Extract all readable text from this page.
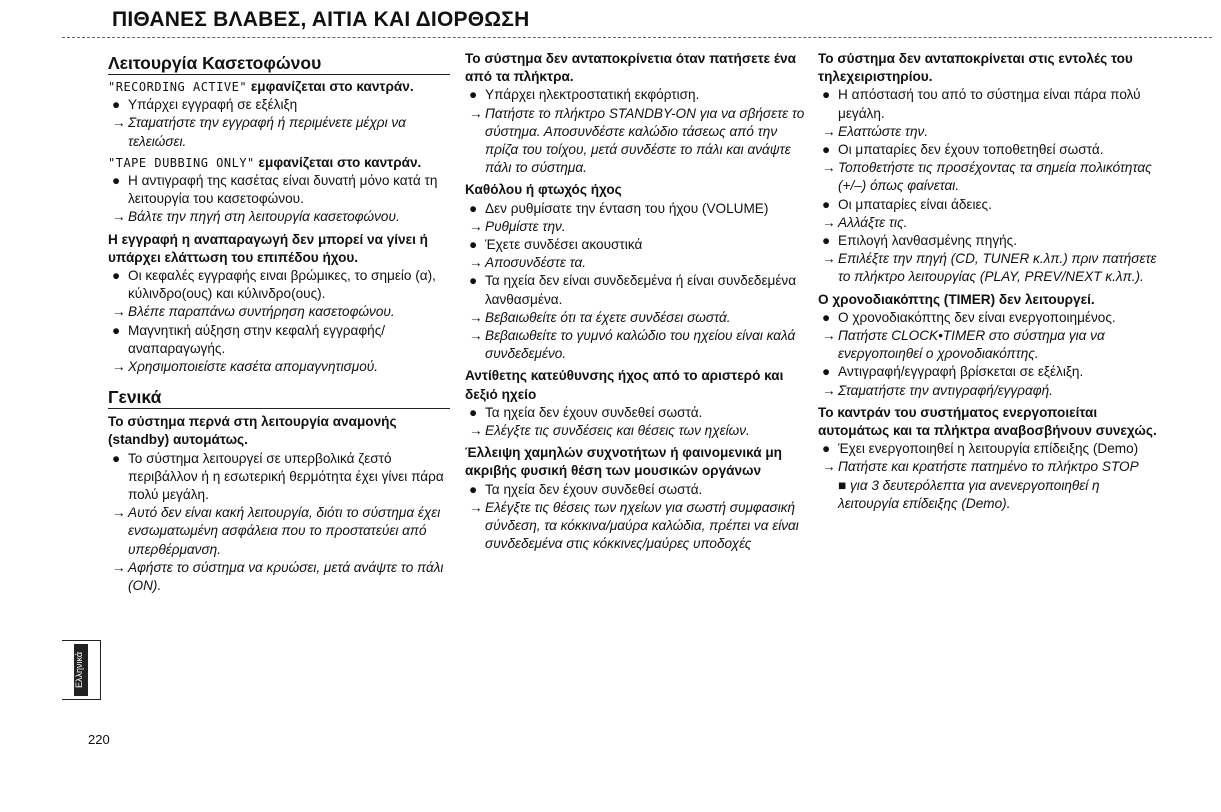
ΠΙΘΑΝΕΣ ΒΛΑΒΕΣ, ΑΙΤΙΑ ΚΑΙ ΔΙΟΡΘΩΣΗ
Λειτουργία Κασετοφώνου
"RECORDING ACTIVE" εμφανίζεται στο καντράν.
● Υπάρχει εγγραφή σε εξέλιξη
→ Σταματήστε την εγγραφή ή περιμένετε μέχρι να τελειώσει.
"TAPE DUBBING ONLY" εμφανίζεται στο καντράν.
● Η αντιγραφή της κασέτας είναι δυνατή μόνο κατά τη λειτουργία του κασετοφώνου.
→ Βάλτε την πηγή στη λειτουργία κασετοφώνου.
Η εγγραφή η αναπαραγωγή δεν μπορεί να γίνει ή υπάρχει ελάττωση του επιπέδου ήχου.
● Οι κεφαλές εγγραφής ειναι βρώμικες, το σημείο (α), κύλινδρο(ους) και κύλινδρο(ους).
→ Βλέπε παραπάνω συντήρηση κασετοφώνου.
● Μαγνητική αύξηση στην κεφαλή εγγραφής/αναπαραγωγής.
→ Χρησιμοποιείστε κασέτα απομαγνητισμού.
Γενικά
Το σύστημα περνά στη λειτουργία αναμονής (standby) αυτομάτως.
● Το σύστημα λειτουργεί σε υπερβολικά ζεστό περιβάλλον ή η εσωτερική θερμότητα έχει γίνει πάρα πολύ μεγάλη.
→ Αυτό δεν είναι κακή λειτουργία, διότι το σύστημα έχει ενσωματωμένη ασφάλεια που το προστατεύει από υπερθέρμανση.
→ Αφήστε το σύστημα να κρυώσει, μετά ανάψτε το πάλι (ON).
Το σύστημα δεν ανταποκρίνετια όταν πατήσετε ένα από τα πλήκτρα.
● Υπάρχει ηλεκτροστατική εκφόρτιση.
→ Πατήστε το πλήκτρο STANDBY-ON για να σβήσετε το σύστημα. Αποσυνδέστε καλώδιο τάσεως από την πρίζα του τοίχου, μετά συνδέστε το πάλι και ανάψτε πάλι το σύστημα.
Καθόλου ή φτωχός ήχος
● Δεν ρυθμίσατε την ένταση του ήχου (VOLUME)
→ Ρυθμίστε την.
● Έχετε συνδέσει ακουστικά
→ Αποσυνδέστε τα.
● Τα ηχεία δεν είναι συνδεδεμένα ή είναι συνδεδεμένα λανθασμένα.
→ Βεβαιωθείτε ότι τα έχετε συνδέσει σωστά.
→ Βεβαιωθείτε το γυμνό καλώδιο του ηχείου είναι καλά συνδεδεμένο.
Αντίθετης κατεύθυνσης ήχος από το αριστερό και δεξιό ηχείο
● Τα ηχεία δεν έχουν συνδεθεί σωστά.
→ Ελέγξτε τις συνδέσεις και θέσεις των ηχείων.
Έλλειψη χαμηλών συχνοτήτων ή φαινομενικά μη ακριβής φυσική θέση των μουσικών οργάνων
● Τα ηχεία δεν έχουν συνδεθεί σωστά.
→ Ελέγξτε τις θέσεις των ηχείων για σωστή συμφασική σύνδεση, τα κόκκινα/μαύρα καλώδια, πρέπει να είναι συνδεδεμένα στις κόκκινες/μαύρες υποδοχές
Το σύστημα δεν ανταποκρίνεται στις εντολές του τηλεχειριστηρίου.
● Η απόστασή του από το σύστημα είναι πάρα πολύ μεγάλη.
→ Ελαττώστε την.
● Οι μπαταρίες δεν έχουν τοποθετηθεί σωστά.
→ Τοποθετήστε τις προσέχοντας τα σημεία πολικότητας (+/–) όπως φαίνεται.
● Οι μπαταρίες είναι άδειες.
→ Αλλάξτε τις.
● Επιλογή λανθασμένης πηγής.
→ Επιλέξτε την πηγή (CD, TUNER κ.λπ.) πριν πατήσετε το πλήκτρο λειτουργίας (PLAY, PREV/NEXT κ.λπ.).
Ο χρονοδιακόπτης (TIMER) δεν λειτουργεί.
● Ο χρονοδιακόπτης δεν είναι ενεργοποιημένος.
→ Πατήστε CLOCK•TIMER στο σύστημα για να ενεργοποιηθεί ο χρονοδιακόπτης.
● Αντιγραφή/εγγραφή βρίσκεται σε εξέλιξη.
→ Σταματήστε την αντιγραφή/εγγραφή.
Το καντράν του συστήματος ενεργοποιείται αυτομάτως και τα πλήκτρα αναβοσβήνουν συνεχώς.
● Έχει ενεργοποιηθεί η λειτουργία επίδειξης (Demo)
→ Πατήστε και κρατήστε πατημένο το πλήκτρο STOP
■ για 3 δευτερόλεπτα για ανενεργοποιηθεί η λειτουργία επίδειξης (Demo).
Ελληνικά
220
